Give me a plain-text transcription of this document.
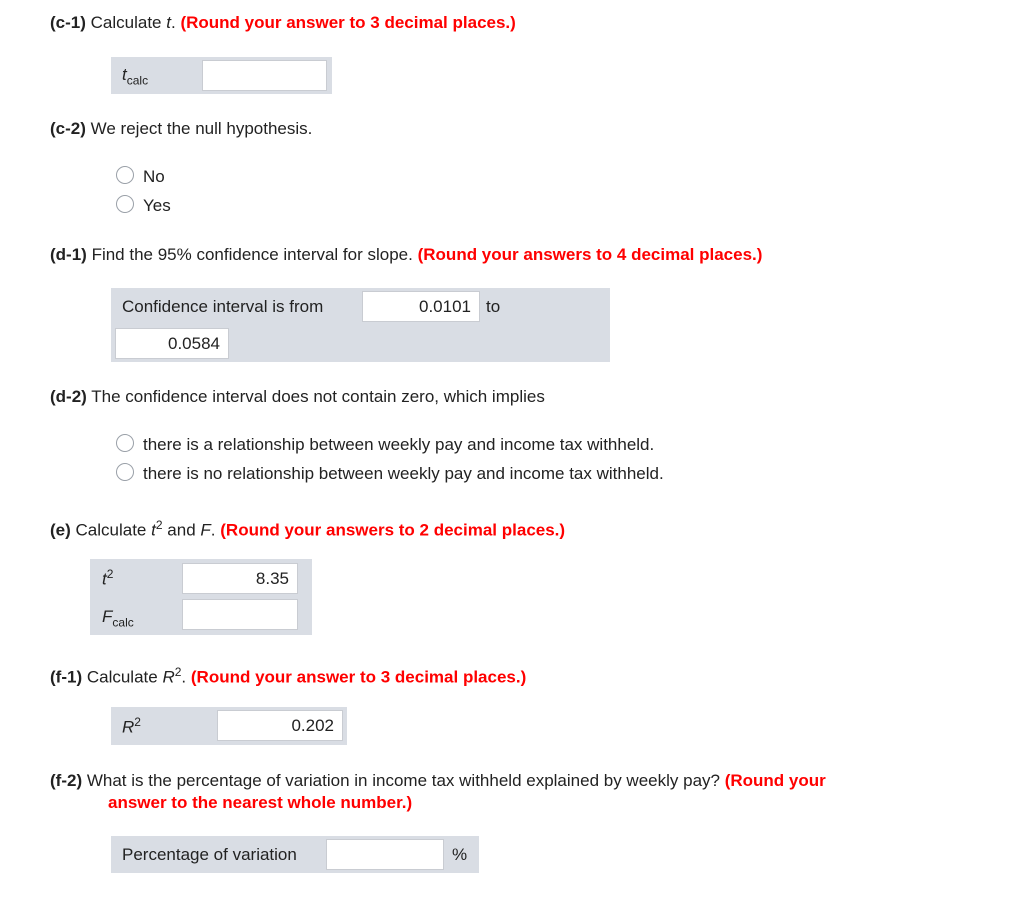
(c-1) Calculate t. (Round your answer to 3 decimal places.)
$t_{calc}$
(c-2) We reject the null hypothesis.
No
Yes
(d-1) Find the 95% confidence interval for slope. (Round your answers to 4 decimal places.)
Confidence interval is from
0.0101	to
0.0584
(d-2) The confidence interval does not contain zero, which implies
there is a relationship between weekly pay and income tax withheld.
there is no relationship between weekly pay and income tax withheld.
(e) Calculate $t^2$ and F. (Round your answers to 2 decimal places.)
$t^2$
8.35
$F_{calc}$
(f-1) Calculate $R^2$. (Round your answer to 3 decimal places.)
$R^2$
0.202
(f-2) What is the percentage of variation in income tax withheld explained by weekly pay? (Round your
answer to the nearest whole number.)
Percentage of variation	%
